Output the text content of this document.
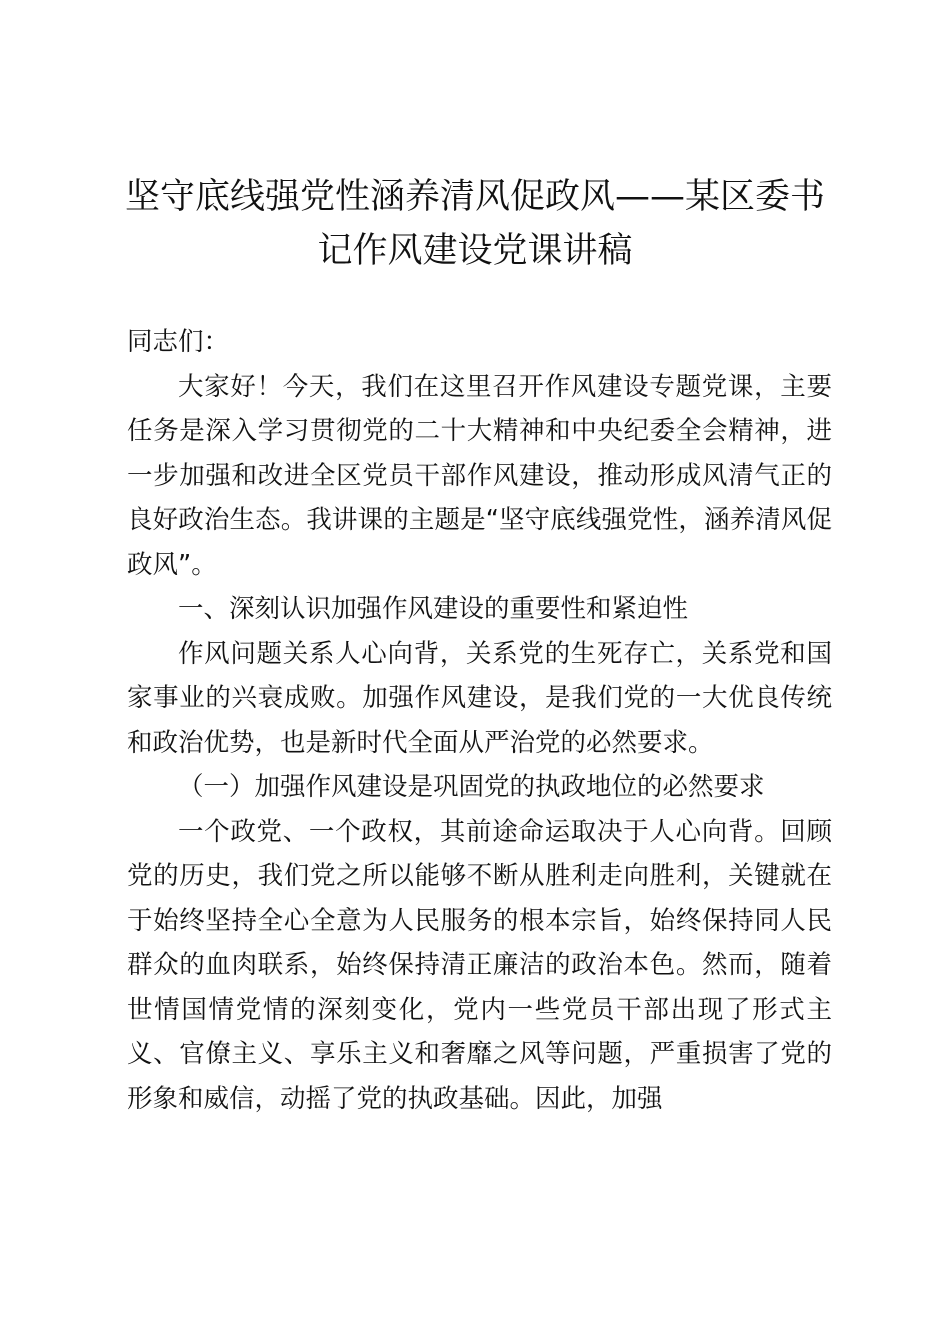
坚守底线强党性涵养清风促政风——某区委书
记作风建设党课讲稿

同志们：

大家好！今天，我们在这里召开作风建设专题党课，主要任务是深入学习贯彻党的二十大精神和中央纪委全会精神，进一步加强和改进全区党员干部作风建设，推动形成风清气正的良好政治生态。我讲课的主题是“坚守底线强党性，涵养清风促政风”。

一、深刻认识加强作风建设的重要性和紧迫性

作风问题关系人心向背，关系党的生死存亡，关系党和国家事业的兴衰成败。加强作风建设，是我们党的一大优良传统和政治优势，也是新时代全面从严治党的必然要求。

（一）加强作风建设是巩固党的执政地位的必然要求

一个政党、一个政权，其前途命运取决于人心向背。回顾党的历史，我们党之所以能够不断从胜利走向胜利，关键就在于始终坚持全心全意为人民服务的根本宗旨，始终保持同人民群众的血肉联系，始终保持清正廉洁的政治本色。然而，随着世情国情党情的深刻变化，党内一些党员干部出现了形式主义、官僚主义、享乐主义和奢靡之风等问题，严重损害了党的形象和威信，动摇了党的执政基础。因此，加强
